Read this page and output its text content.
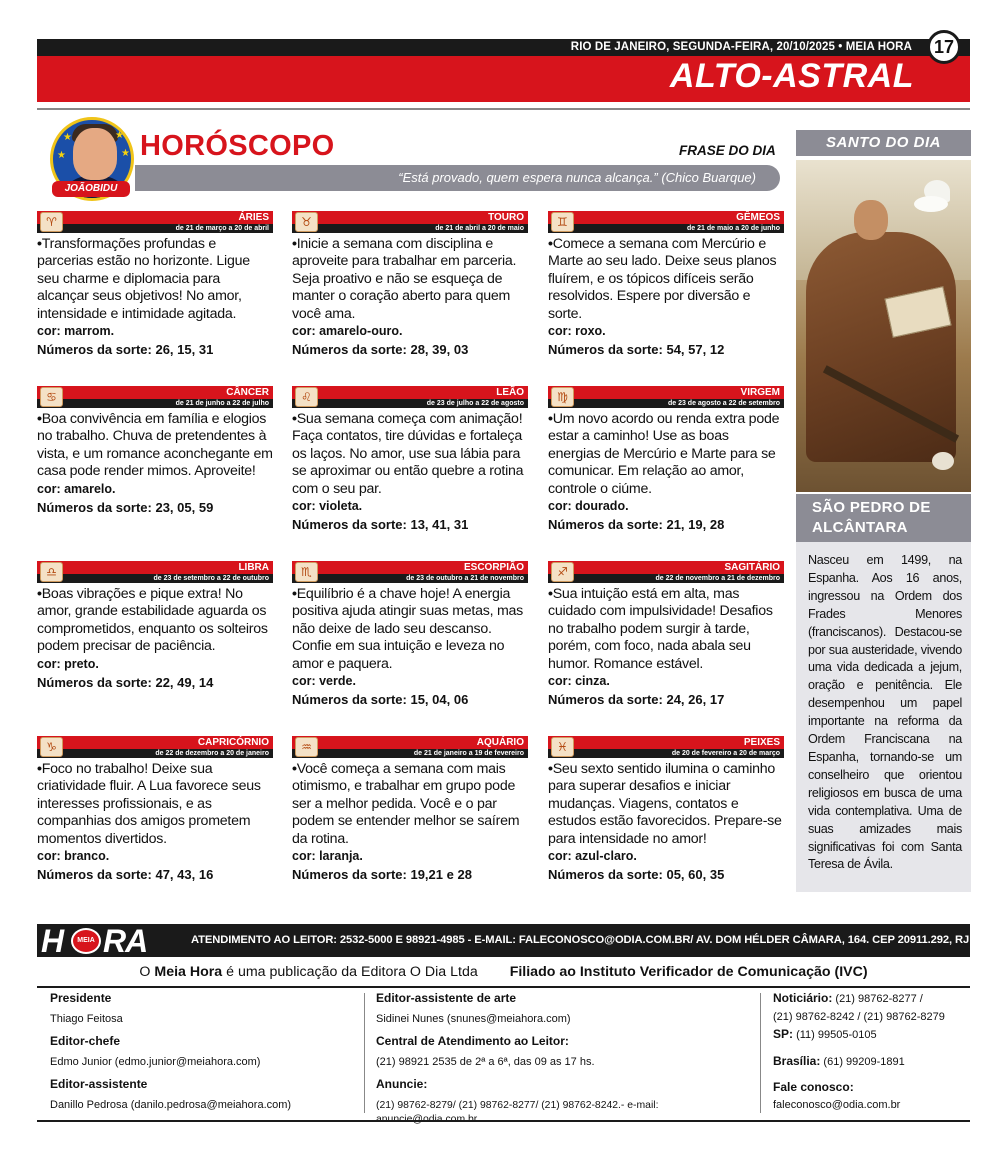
RIO DE JANEIRO, SEGUNDA-FEIRA, 20/10/2025 • MEIA HORA
ALTO-ASTRAL
17
★	★
★	★
JOÃOBIDU
HORÓSCOPO	FRASE DO DIA
“Está provado, quem espera nunca alcança.” (Chico Buarque)
ÁRIES
de 21 de março a 20 de abril
♈
•Transformações profundas e parcerias estão no horizonte. Ligue seu charme e diplomacia para alcançar seus objetivos! No amor, intensidade e intimidade agitada.
cor: marrom.
Números da sorte: 26, 15, 31
TOURO
de 21 de abril a 20 de maio
♉
•Inicie a semana com disciplina e aproveite para trabalhar em parceria. Seja proativo e não se esqueça de manter o coração aberto para quem você ama.
cor: amarelo-ouro.
Números da sorte: 28, 39, 03
GÊMEOS
de 21 de maio a 20 de junho
♊
•Comece a semana com Mercúrio e Marte ao seu lado. Deixe seus planos fluírem, e os tópicos difíceis serão resolvidos. Espere por diversão e sorte.
cor: roxo.
Números da sorte: 54, 57, 12
CÂNCER
de 21 de junho a 22 de julho
♋
•Boa convivência em família e elogios no trabalho. Chuva de pretendentes à vista, e um romance aconchegante em casa pode render mimos. Aproveite!
cor: amarelo.
Números da sorte: 23, 05, 59
LEÃO
de 23 de julho a 22 de agosto
♌
•Sua semana começa com animação! Faça contatos, tire dúvidas e fortaleça os laços. No amor, use sua lábia para se aproximar ou então quebre a rotina com o seu par.
cor: violeta.
Números da sorte: 13, 41, 31
VIRGEM
de 23 de agosto a 22 de setembro
♍
•Um novo acordo ou renda extra pode estar a caminho! Use as boas energias de Mercúrio e Marte para se comunicar. Em relação ao amor, controle o ciúme.
cor: dourado.
Números da sorte: 21, 19, 28
LIBRA
de 23 de setembro a 22 de outubro
♎
•Boas vibrações e pique extra! No amor, grande estabilidade aguarda os comprometidos, enquanto os solteiros podem precisar de paciência.
cor: preto.
Números da sorte: 22, 49, 14
ESCORPIÃO
de 23 de outubro a 21 de novembro
♏
•Equilíbrio é a chave hoje! A energia positiva ajuda atingir suas metas, mas não deixe de lado seu descanso. Confie em sua intuição e leveza no amor e paquera.
cor: verde.
Números da sorte: 15, 04, 06
SAGITÁRIO
de 22 de novembro a 21 de dezembro
♐
•Sua intuição está em alta, mas cuidado com impulsividade! Desafios no trabalho podem surgir à tarde, porém, com foco, nada abala seu humor. Romance estável.
cor: cinza.
Números da sorte: 24, 26, 17
CAPRICÓRNIO
de 22 de dezembro a 20 de janeiro
♑
•Foco no trabalho! Deixe sua criatividade fluir. A Lua favorece seus interesses profissionais, e as companhias dos amigos prometem momentos divertidos.
cor: branco.
Números da sorte: 47, 43, 16
AQUÁRIO
de 21 de janeiro a 19 de fevereiro
♒
•Você começa a semana com mais otimismo, e trabalhar em grupo pode ser a melhor pedida. Você e o par podem se entender melhor se saírem da rotina.
cor: laranja.
Números da sorte: 19,21 e 28
PEIXES
de 20 de fevereiro a 20 de março
♓
•Seu sexto sentido ilumina o caminho para superar desafios e iniciar mudanças. Viagens, contatos e estudos estão favorecidos. Prepare-se para intensidade no amor!
cor: azul-claro.
Números da sorte: 05, 60, 35
SANTO DO DIA
SÃO PEDRO DE ALCÂNTARA
Nasceu em 1499, na Espanha. Aos 16 anos, ingressou na Ordem dos Frades Menores (franciscanos). Destacou-se por sua austeridade, vivendo uma vida dedicada a jejum, oração e penitência. Ele desempenhou um papel importante na reforma da Ordem Franciscana na Espanha, tornando-se um conselheiro que orientou religiosos em busca de uma vida contemplativa. Uma de suas amizades mais significativas foi com Santa Teresa de Ávila.
H	MEIA RA	ATENDIMENTO AO LEITOR: 2532-5000 E 98921-4985 - E-MAIL: FALECONOSCO@ODIA.COM.BR/ AV. DOM HÉLDER CÂMARA, 164. CEP 20911.292, RJ
O Meia Hora é uma publicação da Editora O Dia Ltda Filiado ao Instituto Verificador de Comunicação (IVC)
Presidente
Thiago Feitosa
Editor-chefe
Edmo Junior (edmo.junior@meiahora.com)
Editor-assistente
Danillo Pedrosa (danilo.pedrosa@meiahora.com)
Editor-assistente de arte
Sidinei Nunes (snunes@meiahora.com)
Central de Atendimento ao Leitor:
(21) 98921 2535 de 2ª a 6ª, das 09 as 17 hs.
Anuncie:
(21) 98762-8279/ (21) 98762-8277/ (21) 98762-8242.- e-mail:
Noticiário: (21) 98762-8277 /
(21) 98762-8242 / (21) 98762-8279
SP: (11) 99505-0105
Brasília: (61) 99209-1891
Fale conosco:
faleconosco@odia.com.br
